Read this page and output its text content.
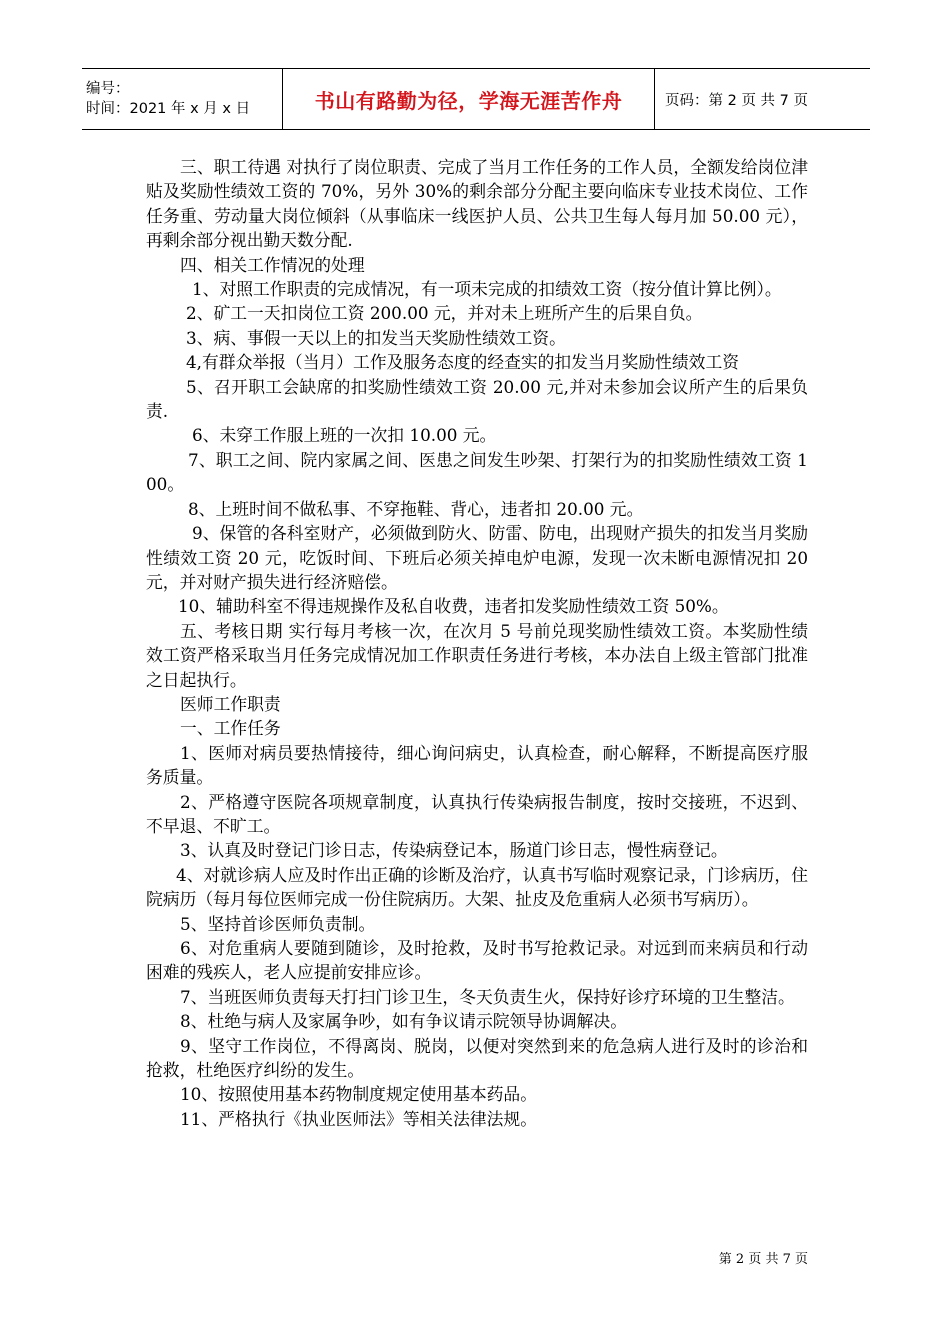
编号：
时间：2021 年 x 月 x 日	书山有路勤为径，学海无涯苦作舟	页码：第 2 页 共 7 页

三、职工待遇 对执行了岗位职责、完成了当月工作任务的工作人员，全额发给岗位津贴及奖励性绩效工资的 70%，另外 30%的剩余部分分配主要向临床专业技术岗位、工作任务重、劳动量大岗位倾斜（从事临床一线医护人员、公共卫生每人每月加 50.00 元），再剩余部分视出勤天数分配.

四、相关工作情况的处理

1、对照工作职责的完成情况，有一项未完成的扣绩效工资（按分值计算比例）。

2、矿工一天扣岗位工资 200.00 元，并对未上班所产生的后果自负。

3、病、事假一天以上的扣发当天奖励性绩效工资。

4,有群众举报（当月）工作及服务态度的经查实的扣发当月奖励性绩效工资

5、召开职工会缺席的扣奖励性绩效工资 20.00 元,并对未参加会议所产生的后果负责.

6、未穿工作服上班的一次扣 10.00 元。

7、职工之间、院内家属之间、医患之间发生吵架、打架行为的扣奖励性绩效工资 100。

8、上班时间不做私事、不穿拖鞋、背心，违者扣 20.00 元。

9、保管的各科室财产，必须做到防火、防雷、防电，出现财产损失的扣发当月奖励性绩效工资 20 元，吃饭时间、下班后必须关掉电炉电源，发现一次未断电源情况扣 20 元，并对财产损失进行经济赔偿。

10、辅助科室不得违规操作及私自收费，违者扣发奖励性绩效工资 50%。

五、考核日期 实行每月考核一次，在次月 5 号前兑现奖励性绩效工资。本奖励性绩效工资严格采取当月任务完成情况加工作职责任务进行考核，本办法自上级主管部门批准之日起执行。

医师工作职责

一、工作任务

1、医师对病员要热情接待，细心询问病史，认真检查，耐心解释，不断提高医疗服务质量。

2、严格遵守医院各项规章制度，认真执行传染病报告制度，按时交接班，不迟到、不早退、不旷工。

3、认真及时登记门诊日志，传染病登记本，肠道门诊日志，慢性病登记。

4、对就诊病人应及时作出正确的诊断及治疗，认真书写临时观察记录，门诊病历，住院病历（每月每位医师完成一份住院病历。大架、扯皮及危重病人必须书写病历）。

5、坚持首诊医师负责制。

6、对危重病人要随到随诊，及时抢救，及时书写抢救记录。对远到而来病员和行动困难的残疾人，老人应提前安排应诊。

7、当班医师负责每天打扫门诊卫生，冬天负责生火，保持好诊疗环境的卫生整洁。

8、杜绝与病人及家属争吵，如有争议请示院领导协调解决。

9、坚守工作岗位，不得离岗、脱岗，以便对突然到来的危急病人进行及时的诊治和抢救，杜绝医疗纠纷的发生。

10、按照使用基本药物制度规定使用基本药品。

11、严格执行《执业医师法》等相关法律法规。

第 2 页 共 7 页
